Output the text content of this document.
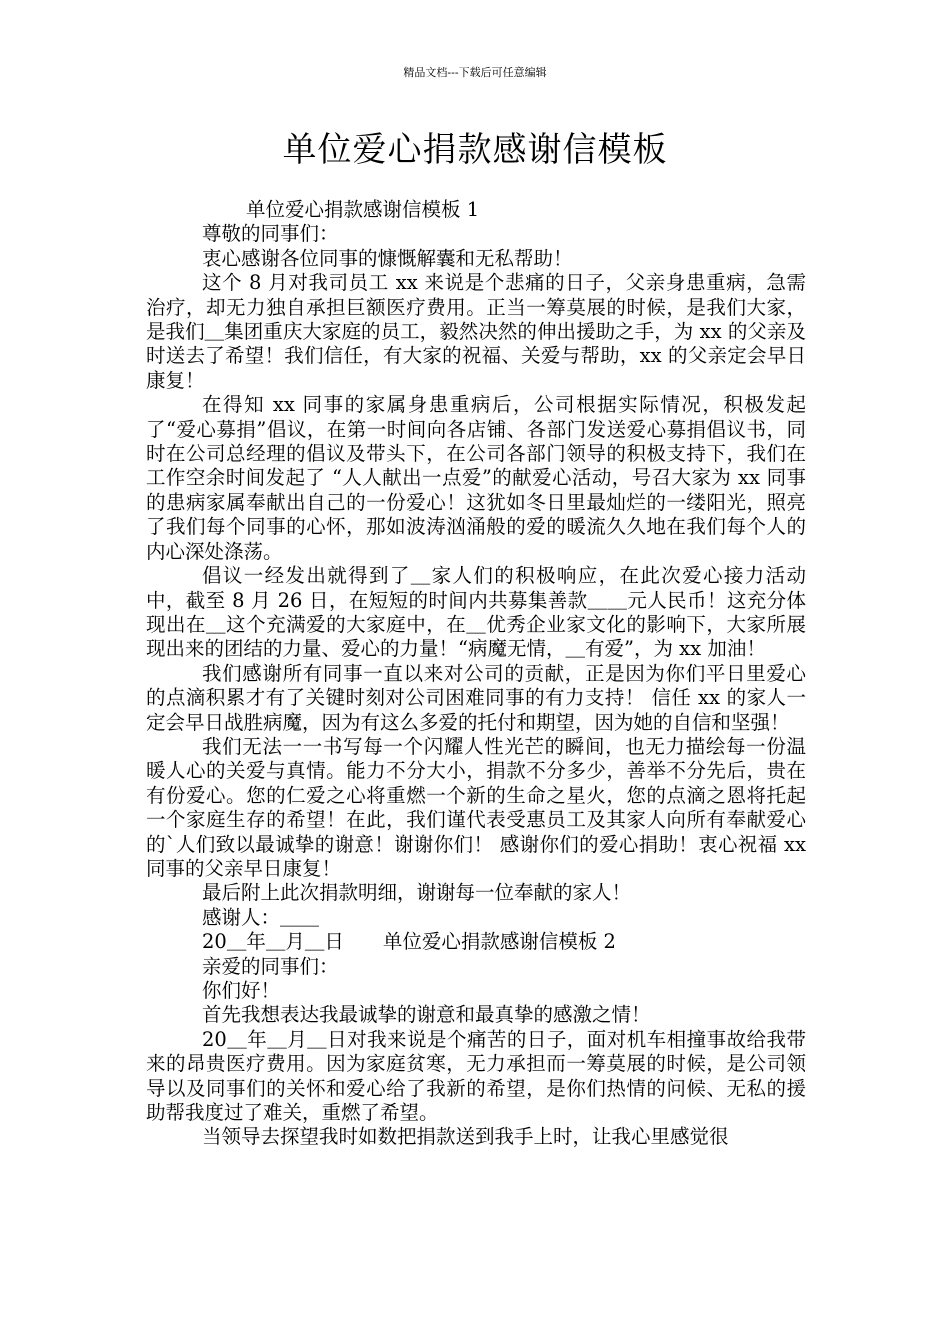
精品文档---下载后可任意编辑
单位爱心捐款感谢信模板

单位爱心捐款感谢信模板 1

尊敬的同事们：

衷心感谢各位同事的慷慨解囊和无私帮助！

这个 8 月对我司员工 xx 来说是个悲痛的日子，父亲身患重病，急需治疗，却无力独自承担巨额医疗费用。正当一筹莫展的时候，是我们大家，是我们＿集团重庆大家庭的员工，毅然决然的伸出援助之手，为 xx 的父亲及时送去了希望！我们信任，有大家的祝福、关爱与帮助，xx 的父亲定会早日康复！

在得知 xx 同事的家属身患重病后，公司根据实际情况，积极发起了“爱心募捐”倡议，在第一时间向各店铺、各部门发送爱心募捐倡议书，同时在公司总经理的倡议及带头下，在公司各部门领导的积极支持下，我们在工作空余时间发起了 “人人献出一点爱”的献爱心活动，号召大家为 xx 同事的患病家属奉献出自己的一份爱心！这犹如冬日里最灿烂的一缕阳光，照亮了我们每个同事的心怀，那如波涛汹涌般的爱的暖流久久地在我们每个人的内心深处涤荡。

倡议一经发出就得到了＿家人们的积极响应，在此次爱心接力活动中，截至 8 月 26 日，在短短的时间内共募集善款＿＿元人民币！这充分体现出在＿这个充满爱的大家庭中，在＿优秀企业家文化的影响下，大家所展现出来的团结的力量、爱心的力量！“病魔无情，＿有爱”，为 xx 加油！

我们感谢所有同事一直以来对公司的贡献，正是因为你们平日里爱心的点滴积累才有了关键时刻对公司困难同事的有力支持！ 信任 xx 的家人一定会早日战胜病魔，因为有这么多爱的托付和期望，因为她的自信和坚强！

我们无法一一书写每一个闪耀人性光芒的瞬间，也无力描绘每一份温暖人心的关爱与真情。能力不分大小，捐款不分多少，善举不分先后，贵在有份爱心。您的仁爱之心将重燃一个新的生命之星火，您的点滴之恩将托起一个家庭生存的希望！在此，我们谨代表受惠员工及其家人向所有奉献爱心的`人们致以最诚挚的谢意！谢谢你们！ 感谢你们的爱心捐助！衷心祝福 xx 同事的父亲早日康复！

最后附上此次捐款明细，谢谢每一位奉献的家人！

感谢人：＿＿

20＿年＿月＿日　　单位爱心捐款感谢信模板 2

亲爱的同事们：

你们好！

首先我想表达我最诚挚的谢意和最真挚的感激之情！

20＿年＿月＿日对我来说是个痛苦的日子，面对机车相撞事故给我带来的昂贵医疗费用。因为家庭贫寒，无力承担而一筹莫展的时候，是公司领导以及同事们的关怀和爱心给了我新的希望，是你们热情的问候、无私的援助帮我度过了难关，重燃了希望。

当领导去探望我时如数把捐款送到我手上时，让我心里感觉很
